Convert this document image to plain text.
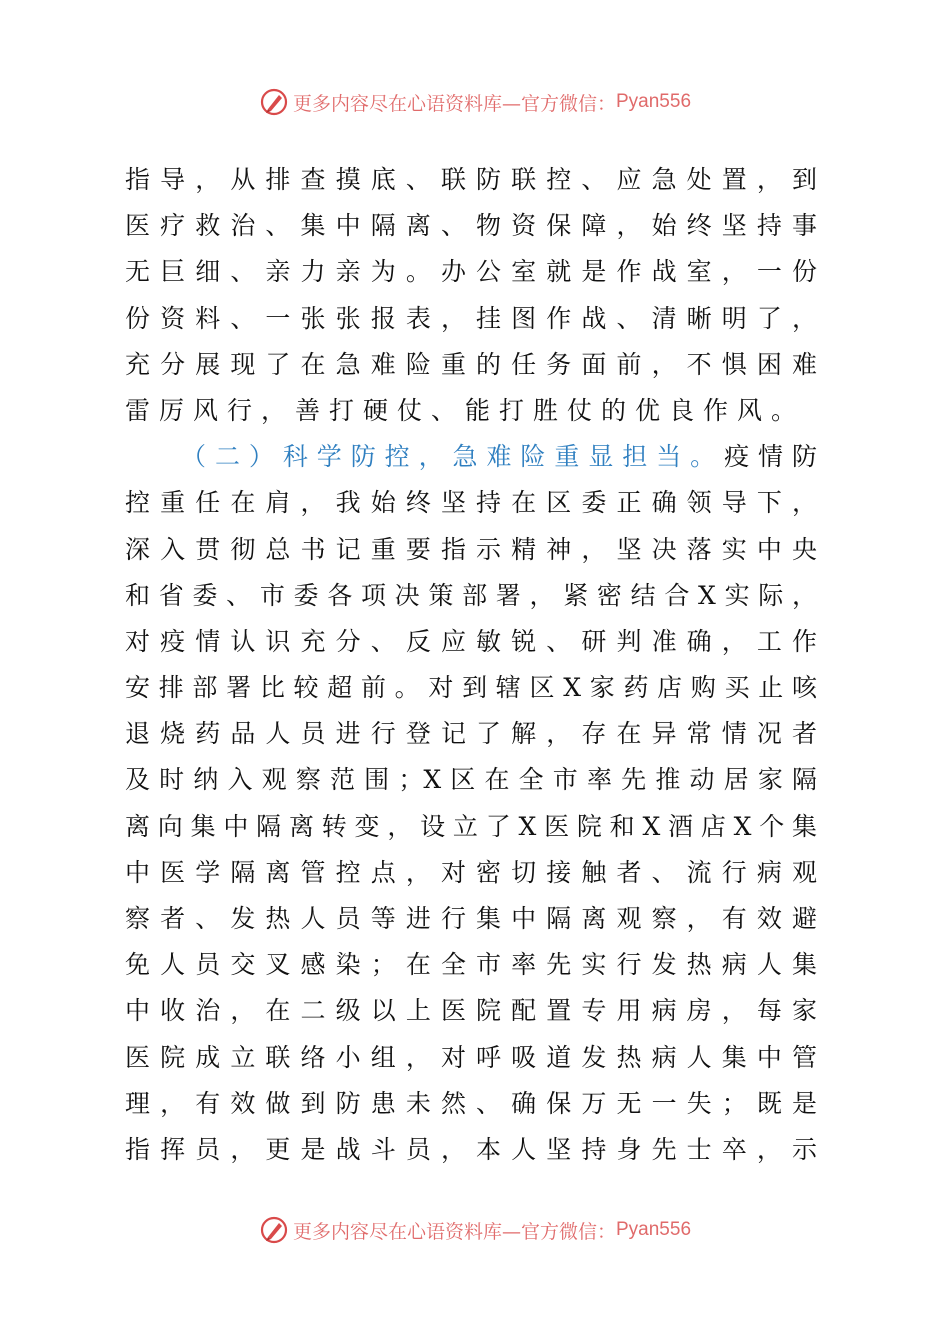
更多内容尽在心语资料库—官方微信： Pyan556
指导，从排查摸底、联防联控、应急处置，到
医疗救治、集中隔离、物资保障，始终坚持事
无巨细、亲力亲为。办公室就是作战室，一份
份资料、一张张报表，挂图作战、清晰明了，
充分展现了在急难险重的任务面前，不惧困难
雷厉风行，善打硬仗、能打胜仗的优良作风。
（二）科学防控，急难险重显担当。疫情防
控重任在肩，我始终坚持在区委正确领导下，
深入贯彻总书记重要指示精神，坚决落实中央
和省委、市委各项决策部署，紧密结合X实际，
对疫情认识充分、反应敏锐、研判准确，工作
安排部署比较超前。对到辖区X家药店购买止咳
退烧药品人员进行登记了解，存在异常情况者
及时纳入观察范围；X区在全市率先推动居家隔
离向集中隔离转变，设立了X医院和X酒店X个集
中医学隔离管控点，对密切接触者、流行病观
察者、发热人员等进行集中隔离观察，有效避
免人员交叉感染；在全市率先实行发热病人集
中收治，在二级以上医院配置专用病房，每家
医院成立联络小组，对呼吸道发热病人集中管
理，有效做到防患未然、确保万无一失；既是
指挥员，更是战斗员，本人坚持身先士卒，示
更多内容尽在心语资料库—官方微信： Pyan556
